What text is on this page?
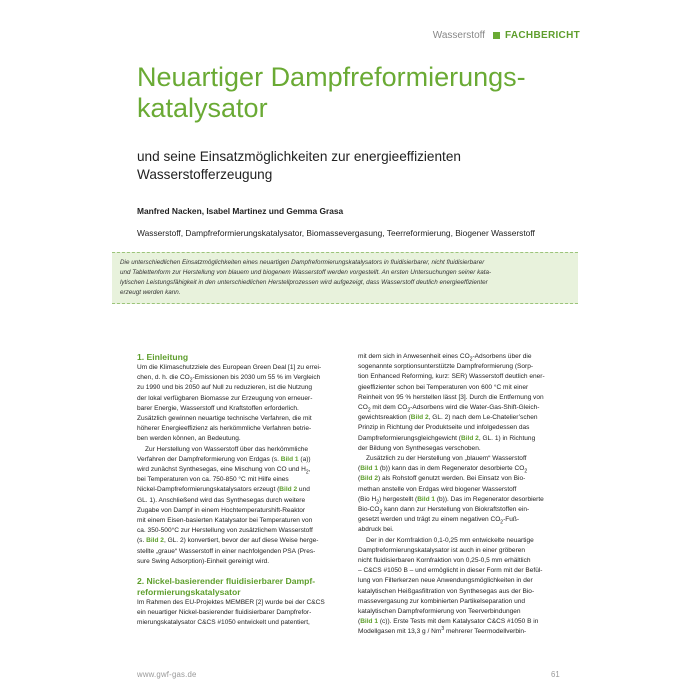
Wasserstoff FACHBERICHT
Neuartiger Dampfreformierungs-
katalysator
und seine Einsatzmöglichkeiten zur energieeffizienten
Wasserstofferzeugung
Manfred Nacken, Isabel Martinez und Gemma Grasa
Wasserstoff, Dampfreformierungskatalysator, Biomassevergasung, Teerreformierung, Biogener Wasserstoff
Die unterschiedlichen Einsatzmöglichkeiten eines neuartigen Dampfreformierungskatalysators in fluidisierbarer, nicht fluidisierbarer
und Tablettenform zur Herstellung von blauem und biogenem Wasserstoff werden vorgestellt. An ersten Untersuchungen seiner kata-
lytischen Leistungsfähigkeit in den unterschiedlichen Herstellprozessen wird aufgezeigt, dass Wasserstoff deutlich energieeffizienter
erzeugt werden kann.
1. Einleitung
Um die Klimaschutzziele des European Green Deal [1] zu errei-
chen, d. h. die $CO_2$-Emissionen bis 2030 um 55 % im Vergleich
zu 1990 und bis 2050 auf Null zu reduzieren, ist die Nutzung
der lokal verfügbaren Biomasse zur Erzeugung von erneuer-
barer Energie, Wasserstoff und Kraftstoffen erforderlich.
Zusätzlich gewinnen neuartige technische Verfahren, die mit
höherer Energieeffizienz als herkömmliche Verfahren betrie-
ben werden können, an Bedeutung.
Zur Herstellung von Wasserstoff über das herkömmliche
Verfahren der Dampfreformierung von Erdgas (s. Bild 1 (a))
wird zunächst Synthesegas, eine Mischung von CO und $H_2$,
bei Temperaturen von ca. 750-850 °C mit Hilfe eines
Nickel-Dampfreformierungskatalysators erzeugt (Bild 2 und
GL. 1). Anschließend wird das Synthesegas durch weitere
Zugabe von Dampf in einem Hochtemperaturshift-Reaktor
mit einem Eisen-basierten Katalysator bei Temperaturen von
ca. 350-500°C zur Herstellung von zusätzlichem Wasserstoff
(s. Bild 2, GL. 2) konvertiert, bevor der auf diese Weise herge-
stellte „graue“ Wasserstoff in einer nachfolgenden PSA (Pres-
sure Swing Adsorption)-Einheit gereinigt wird.
2. Nickel-basierender fluidisierbarer Dampf-
reformierungskatalysator
Im Rahmen des EU-Projektes MEMBER [2] wurde bei der C&CS
ein neuartiger Nickel-basierender fluidisierbarer Dampfrefor-
mierungskatalysator C&CS #1050 entwickelt und patentiert,
mit dem sich in Anwesenheit eines $CO_2$-Adsorbens über die
sogenannte sorptionsunterstützte Dampfreformierung (Sorp-
tion Enhanced Reforming, kurz: SER) Wasserstoff deutlich ener-
gieeffizienter schon bei Temperaturen von 600 °C mit einer
Reinheit von 95 % herstellen lässt [3]. Durch die Entfernung von
$CO_2$ mit dem $CO_2$-Adsorbens wird die Water-Gas-Shift-Gleich-
gewichtsreaktion (Bild 2, GL. 2) nach dem Le-Chatelier’schen
Prinzip in Richtung der Produktseite und infolgedessen das
Dampfreformierungsgleichgewicht (Bild 2, GL. 1) in Richtung
der Bildung von Synthesegas verschoben.
Zusätzlich zu der Herstellung von „blauem“ Wasserstoff
(Bild 1 (b)) kann das in dem Regenerator desorbierte $CO_2$
(Bild 2) als Rohstoff genutzt werden. Bei Einsatz von Bio-
methan anstelle von Erdgas wird biogener Wasserstoff
(Bio $H_2$) hergestellt (Bild 1 (b)). Das im Regenerator desorbierte
Bio-$CO_2$ kann dann zur Herstellung von Biokraftstoffen ein-
gesetzt werden und trägt zu einem negativen $CO_2-Fuß-$
abdruck bei.
Der in der Kornfraktion 0,1-0,25 mm entwickelte neuartige
Dampfreformierungskatalysator ist auch in einer gröberen
nicht fluidisierbaren Kornfraktion von 0,25-0,5 mm erhältlich
– C&CS #1050 B – und ermöglicht in dieser Form mit der Befül-
lung von Filterkerzen neue Anwendungsmöglichkeiten in der
katalytischen Heißgasfiltration von Synthesegas aus der Bio-
massevergasung zur kombinierten Partikelseparation und
katalytischen Dampfreformierung von Teerverbindungen
(Bild 1 (c)). Erste Tests mit dem Katalysator C&CS #1050 B in
Modellgasen mit 13,3 g / Nm$^3$ mehrerer Teermodellverbin-
www.gwf-gas.de	61
